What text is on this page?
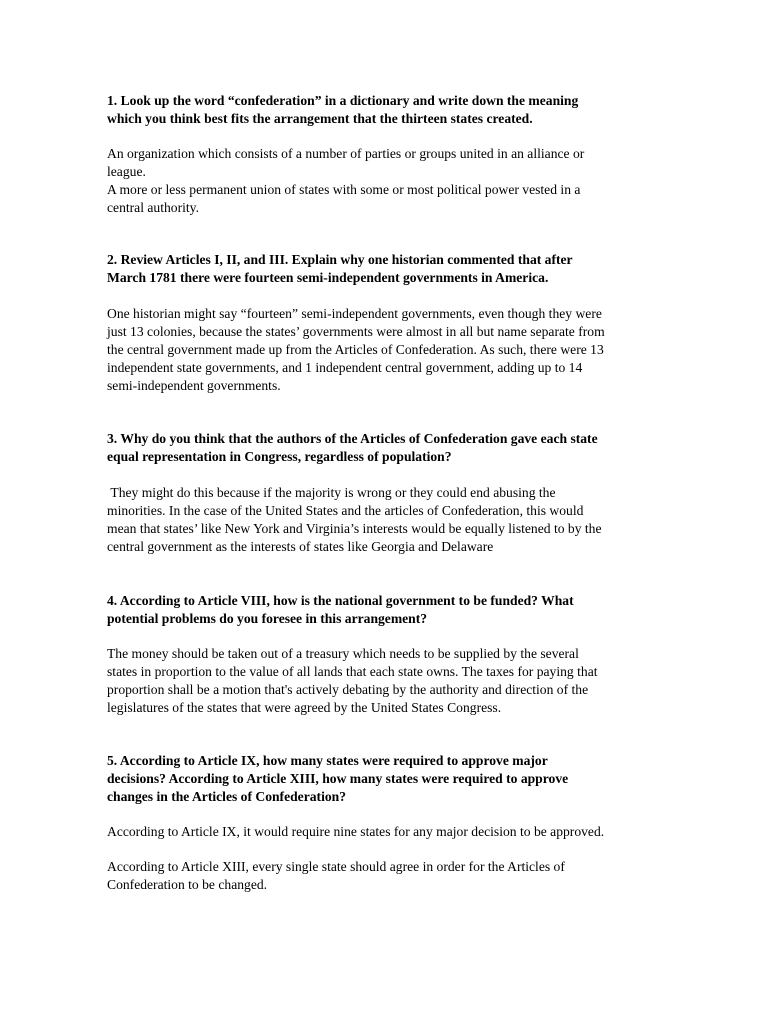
1. Look up the word “confederation” in a dictionary and write down the meaning
which you think best fits the arrangement that the thirteen states created.

An organization which consists of a number of parties or groups united in an alliance or
league.
A more or less permanent union of states with some or most political power vested in a
central authority.

2. Review Articles I, II, and III. Explain why one historian commented that after
March 1781 there were fourteen semi-independent governments in America.

One historian might say “fourteen” semi-independent governments, even though they were
just 13 colonies, because the states’ governments were almost in all but name separate from
the central government made up from the Articles of Confederation. As such, there were 13
independent state governments, and 1 independent central government, adding up to 14
semi-independent governments.

3. Why do you think that the authors of the Articles of Confederation gave each state
equal representation in Congress, regardless of population?

They might do this because if the majority is wrong or they could end abusing the
minorities. In the case of the United States and the articles of Confederation, this would
mean that states’ like New York and Virginia’s interests would be equally listened to by the
central government as the interests of states like Georgia and Delaware

4. According to Article VIII, how is the national government to be funded? What
potential problems do you foresee in this arrangement?

The money should be taken out of a treasury which needs to be supplied by the several
states in proportion to the value of all lands that each state owns. The taxes for paying that
proportion shall be a motion that's actively debating by the authority and direction of the
legislatures of the states that were agreed by the United States Congress.

5. According to Article IX, how many states were required to approve major
decisions? According to Article XIII, how many states were required to approve
changes in the Articles of Confederation?

According to Article IX, it would require nine states for any major decision to be approved.

According to Article XIII, every single state should agree in order for the Articles of
Confederation to be changed.
